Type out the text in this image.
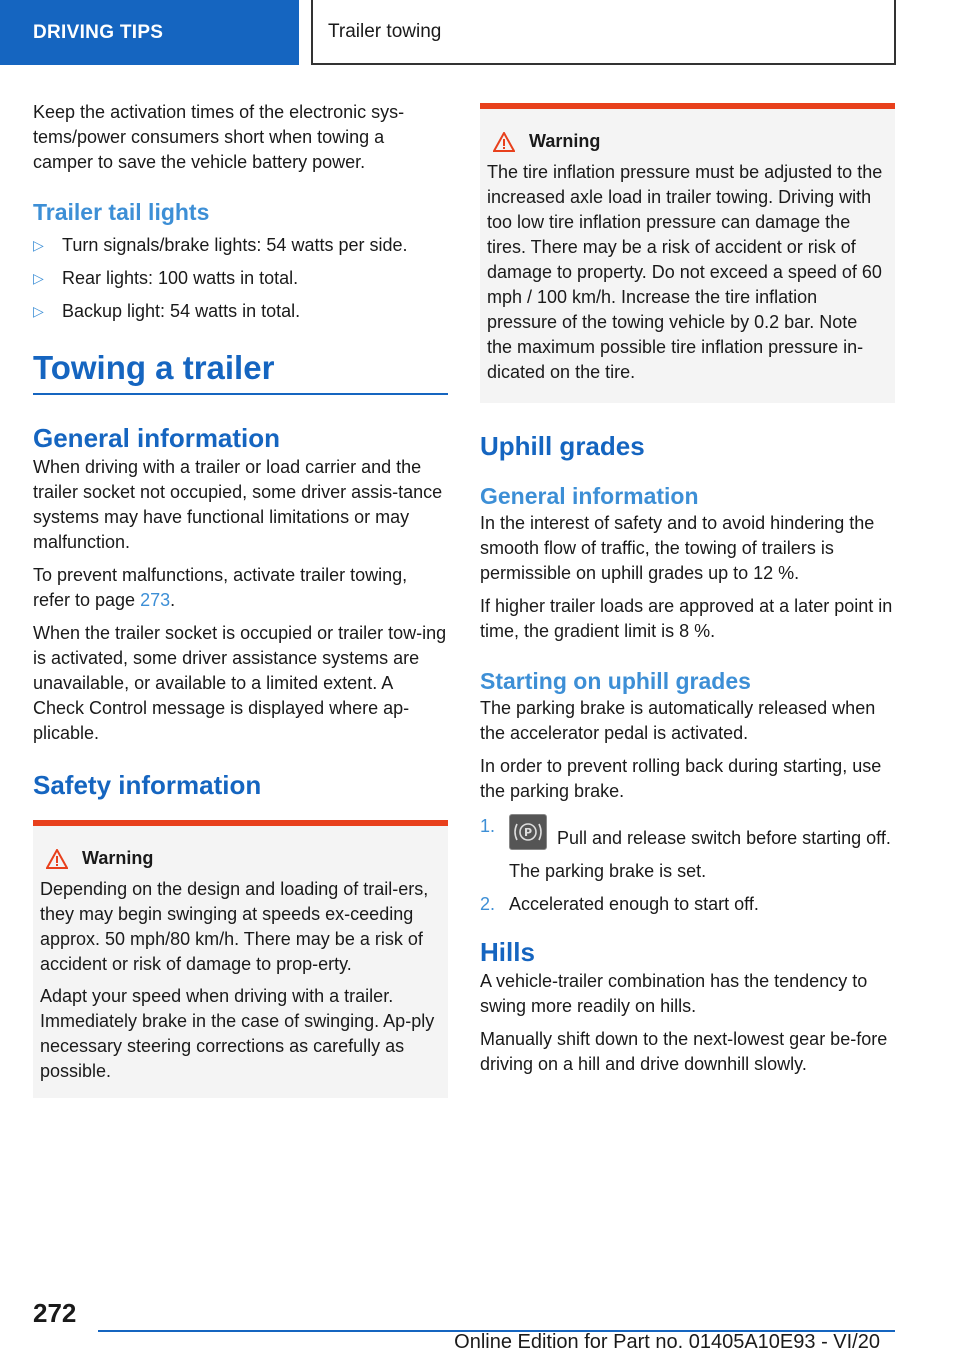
DRIVING TIPS	Trailer towing

Keep the activation times of the electronic sys-tems/power consumers short when towing a camper to save the vehicle battery power.

Trailer tail lights
▷ Turn signals/brake lights: 54 watts per side.
▷ Rear lights: 100 watts in total.
▷ Backup light: 54 watts in total.
Towing a trailer
General information

When driving with a trailer or load carrier and the trailer socket not occupied, some driver assis-tance systems may have functional limitations or may malfunction.

To prevent malfunctions, activate trailer towing, refer to page 273.

When the trailer socket is occupied or trailer tow-ing is activated, some driver assistance systems are unavailable, or available to a limited extent. A Check Control message is displayed where ap-plicable.

Safety information
Warning

Depending on the design and loading of trail-ers, they may begin swinging at speeds ex-ceeding approx. 50 mph/80 km/h. There may be a risk of accident or risk of damage to prop-erty.

Adapt your speed when driving with a trailer. Immediately brake in the case of swinging. Ap-ply necessary steering corrections as carefully as possible.

Warning

The tire inflation pressure must be adjusted to the increased axle load in trailer towing. Driving with too low tire inflation pressure can damage the tires. There may be a risk of accident or risk of damage to property. Do not exceed a speed of 60 mph / 100 km/h. Increase the tire inflation pressure of the towing vehicle by 0.2 bar. Note the maximum possible tire inflation pressure in-dicated on the tire.

Uphill grades
General information

In the interest of safety and to avoid hindering the smooth flow of traffic, the towing of trailers is permissible on uphill grades up to 12 %.

If higher trailer loads are approved at a later point in time, the gradient limit is 8 %.

Starting on uphill grades

The parking brake is automatically released when the accelerator pedal is activated.

In order to prevent rolling back during starting, use the parking brake.

1.	P Pull and release switch before starting off.
The parking brake is set.
2. Accelerated enough to start off.
Hills

A vehicle-trailer combination has the tendency to swing more readily on hills.

Manually shift down to the next-lowest gear be-fore driving on a hill and drive downhill slowly.

272
Online Edition for Part no. 01405A10E93 - VI/20
